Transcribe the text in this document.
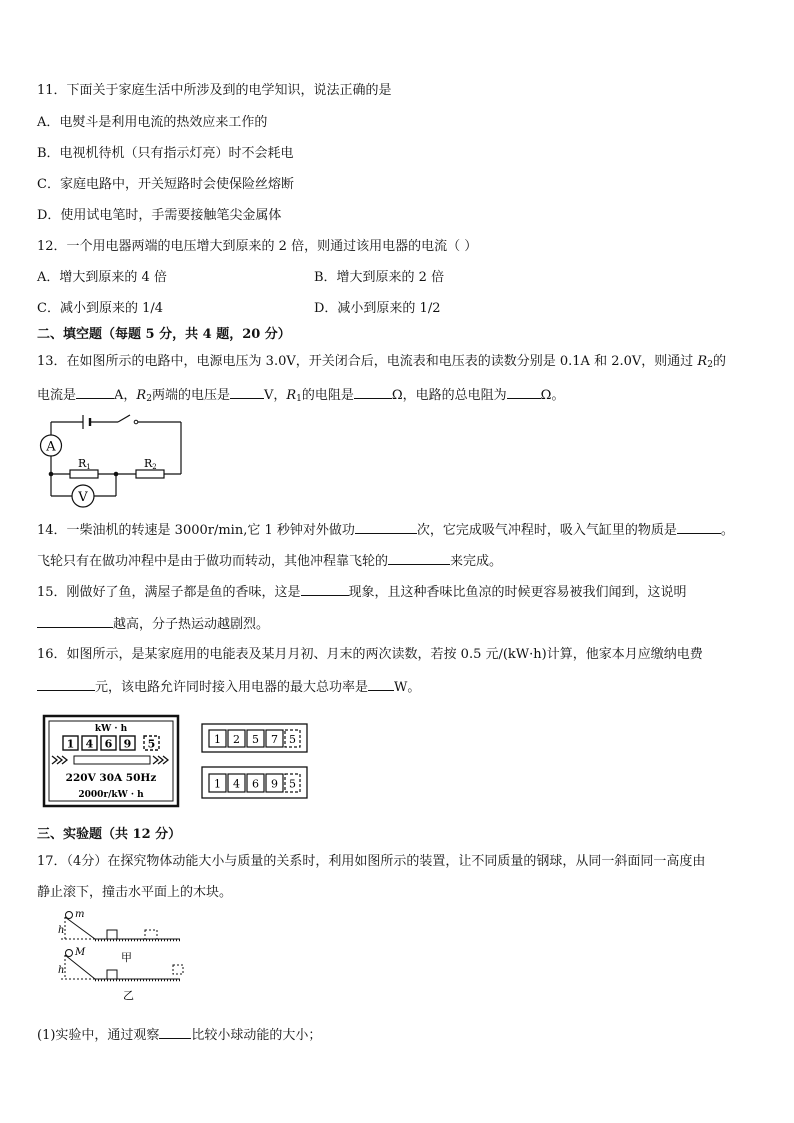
11．下面关于家庭生活中所涉及到的电学知识，说法正确的是
A．电熨斗是利用电流的热效应来工作的
B．电视机待机（只有指示灯亮）时不会耗电
C．家庭电路中，开关短路时会使保险丝熔断
D．使用试电笔时，手需要接触笔尖金属体
12．一个用电器两端的电压增大到原来的 2 倍，则通过该用电器的电流（ ）
A．增大到原来的 4 倍	B．增大到原来的 2 倍
C．减小到原来的 1/4	D．减小到原来的 1/2
二、填空题（每题 5 分，共 4 题，20 分）
13．在如图所示的电路中，电源电压为 3.0V，开关闭合后，电流表和电压表的读数分别是 0.1A 和 2.0V，则通过 $R_2$的
电流是	A，$R_2$两端的电压是	V，$R_1$的电阻是	Ω，电路的总电阻为	Ω。
A
V
R1	R2
14．一柴油机的转速是 3000r/min,它 1 秒钟对外做功	次，它完成吸气冲程时，吸入气缸里的物质是	。
飞轮只有在做功冲程中是由于做功而转动，其他冲程靠飞轮的	来完成。
15．刚做好了鱼，满屋子都是鱼的香味，这是	现象，且这种香味比鱼凉的时候更容易被我们闻到，这说明
越高，分子热运动越剧烈。
16．如图所示，是某家庭用的电能表及某月月初、月末的两次读数，若按 0.5 元/(kW·h)计算，他家本月应缴纳电费
元，该电路允许同时接入用电器的最大总功率是 W。
kW · h
1 4 6 9 5
220V 30A 50Hz
2000r/kW · h
1 2 5 7 5
1 4 6 9 5
三、实验题（共 12 分）
17．（4分）在探究物体动能大小与质量的关系时，利用如图所示的装置，让不同质量的钢球，从同一斜面同一高度由
静止滚下，撞击水平面上的木块。
m
h
M
h
甲
乙
(1)实验中，通过观察 比较小球动能的大小；
